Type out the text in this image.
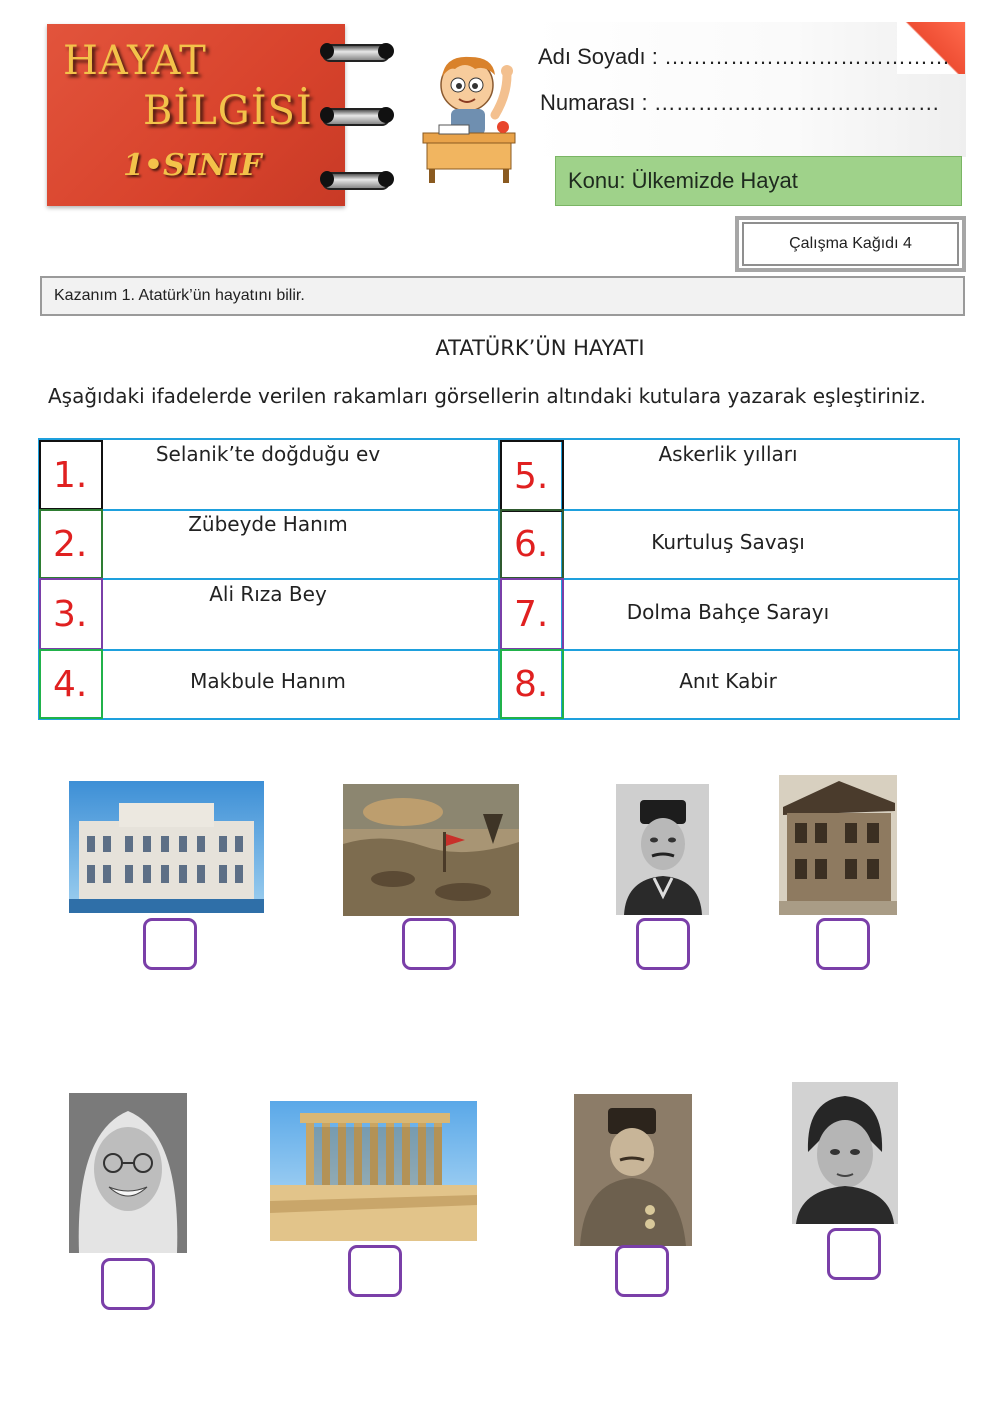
HAYAT
BİLGİSİ
1•SINIF
Adı Soyadı : …………………………………
Numarası : …………………………………
Konu: Ülkemizde Hayat
Çalışma Kağıdı 4
Kazanım 1. Atatürk’ün hayatını bilir.
ATATÜRK’ÜN HAYATI
Aşağıdaki ifadelerde verilen rakamları görsellerin altındaki kutulara yazarak eşleştiriniz.
1.
2.
3.
4.
5.
6.
7.
8.
Selanik’te doğduğu ev
Zübeyde Hanım
Ali Rıza Bey
Makbule Hanım
Askerlik yılları
Kurtuluş Savaşı
Dolma Bahçe Sarayı
Anıt Kabir
